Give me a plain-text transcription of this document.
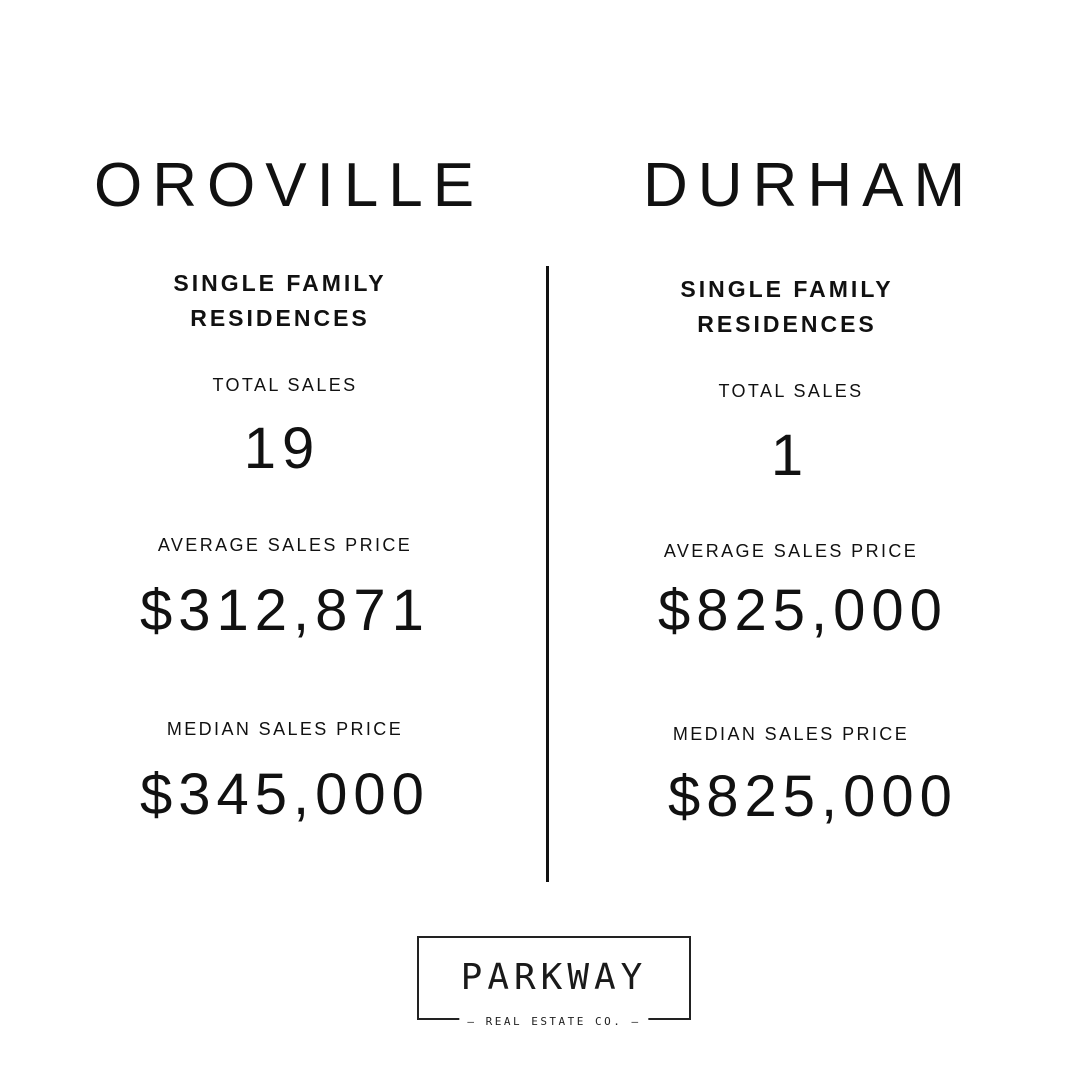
OROVILLE
SINGLE FAMILY
RESIDENCES
TOTAL SALES
19
AVERAGE SALES PRICE
$312,871
MEDIAN SALES PRICE
$345,000
DURHAM
SINGLE FAMILY
RESIDENCES
TOTAL SALES
1
AVERAGE SALES PRICE
$825,000
MEDIAN SALES PRICE
$825,000
PARKWAY
— REAL ESTATE CO. —
